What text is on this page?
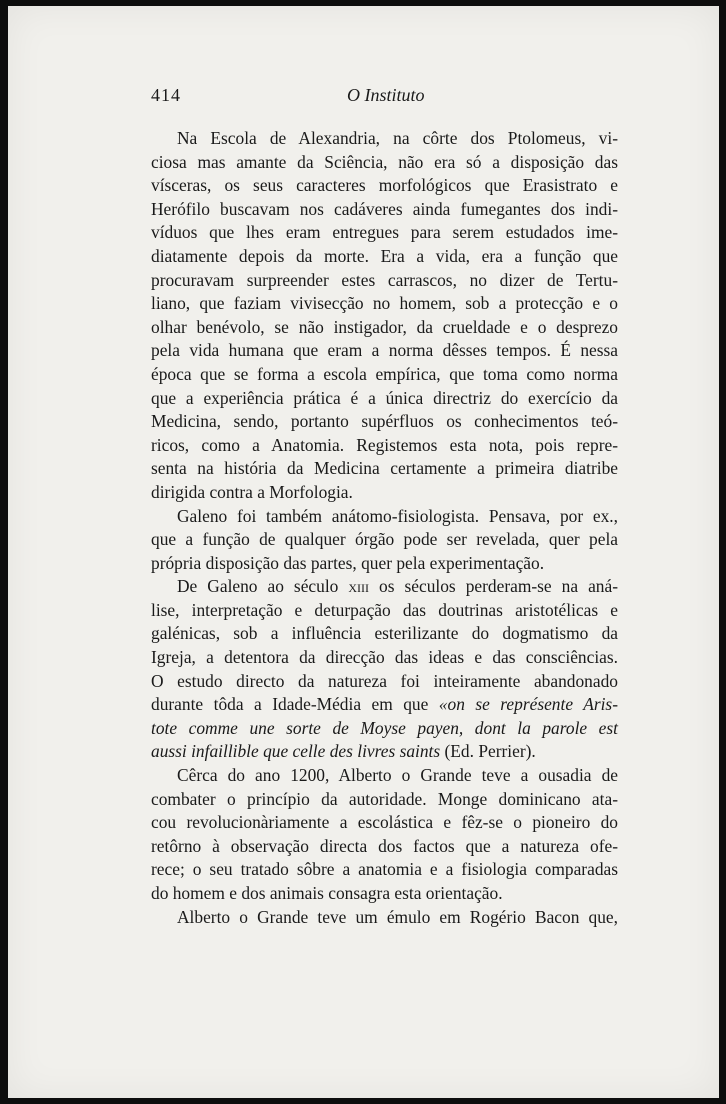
414	O Instituto
Na Escola de Alexandria, na côrte dos Ptolomeus, vi-
ciosa mas amante da Sciência, não era só a disposição das
vísceras, os seus caracteres morfológicos que Erasistrato e
Herófilo buscavam nos cadáveres ainda fumegantes dos indi-
víduos que lhes eram entregues para serem estudados ime-
diatamente depois da morte. Era a vida, era a função que
procuravam surpreender estes carrascos, no dizer de Tertu-
liano, que faziam vivisecção no homem, sob a protecção e o
olhar benévolo, se não instigador, da crueldade e o desprezo
pela vida humana que eram a norma dêsses tempos. É nessa
época que se forma a escola empírica, que toma como norma
que a experiência prática é a única directriz do exercício da
Medicina, sendo, portanto supérfluos os conhecimentos teó-
ricos, como a Anatomia. Registemos esta nota, pois repre-
senta na história da Medicina certamente a primeira diatribe
dirigida contra a Morfologia.
Galeno foi também anátomo-fisiologista. Pensava, por ex.,
que a função de qualquer órgão pode ser revelada, quer pela
própria disposição das partes, quer pela experimentação.
De Galeno ao século xiii os séculos perderam-se na aná-
lise, interpretação e deturpação das doutrinas aristotélicas e
galénicas, sob a influência esterilizante do dogmatismo da
Igreja, a detentora da direcção das ideas e das consciências.
O estudo directo da natureza foi inteiramente abandonado
durante tôda a Idade-Média em que «on se représente Aris-
tote comme une sorte de Moyse payen, dont la parole est
aussi infaillible que celle des livres saints (Ed. Perrier).
Cêrca do ano 1200, Alberto o Grande teve a ousadia de
combater o princípio da autoridade. Monge dominicano ata-
cou revolucionàriamente a escolástica e fêz-se o pioneiro do
retôrno à observação directa dos factos que a natureza ofe-
rece; o seu tratado sôbre a anatomia e a fisiologia comparadas
do homem e dos animais consagra esta orientação.
Alberto o Grande teve um émulo em Rogério Bacon que,
